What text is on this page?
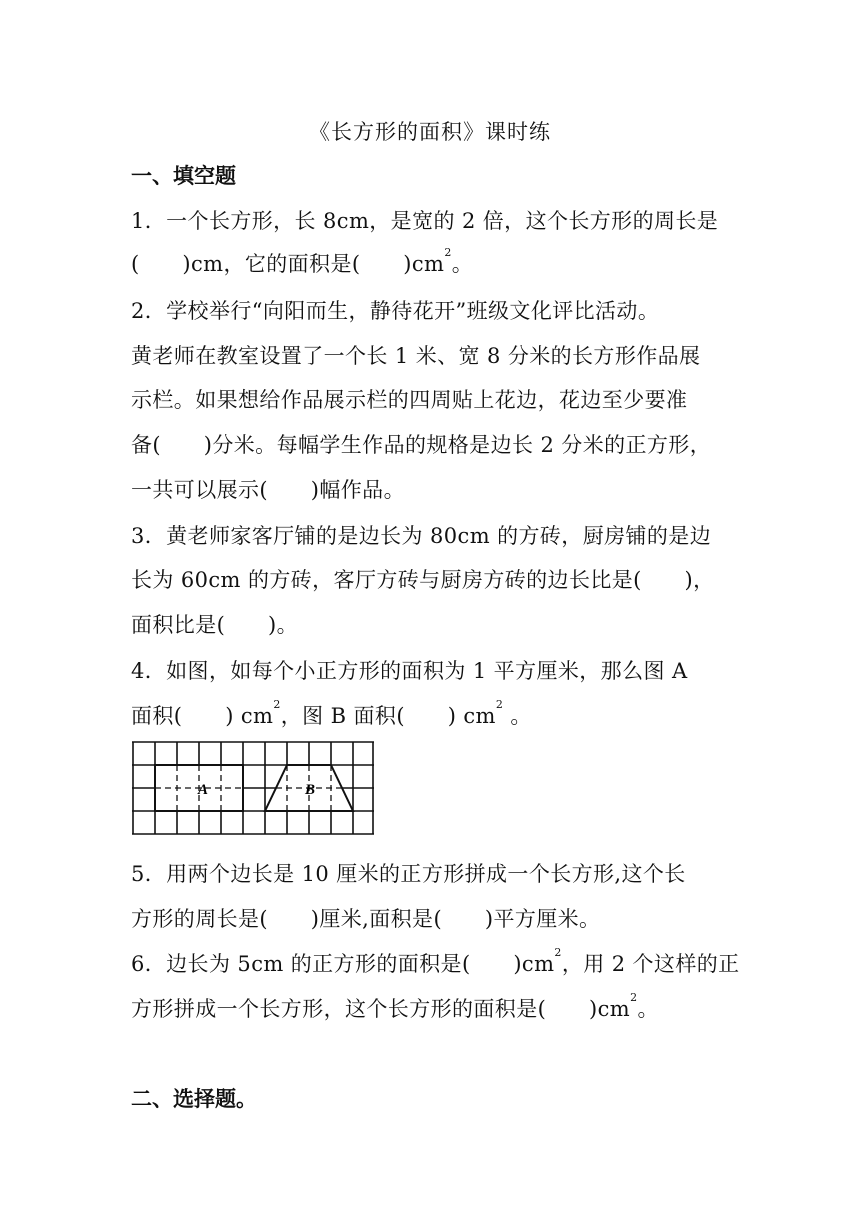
《长方形的面积》课时练
一、填空题
1．一个长方形，长 8cm，是宽的 2 倍，这个长方形的周长是
(　　)cm，它的面积是(　　)$cm^2$。
2．学校举行“向阳而生，静待花开”班级文化评比活动。
黄老师在教室设置了一个长 1 米、宽 8 分米的长方形作品展
示栏。如果想给作品展示栏的四周贴上花边，花边至少要准
备(　　)分米。每幅学生作品的规格是边长 2 分米的正方形，
一共可以展示(　　)幅作品。
3．黄老师家客厅铺的是边长为 80cm 的方砖，厨房铺的是边
长为 60cm 的方砖，客厅方砖与厨房方砖的边长比是(　　)，
面积比是(　　)。
4．如图，如每个小正方形的面积为 1 平方厘米，那么图 A
面积(　　) $cm^2$，图 B 面积(　　) $cm^2$ 。
A	B
5．用两个边长是 10 厘米的正方形拼成一个长方形,这个长
方形的周长是(　　)厘米,面积是(　　)平方厘米。
6．边长为 5cm 的正方形的面积是(　　)$cm^2$，用 2 个这样的正
方形拼成一个长方形，这个长方形的面积是(　　)$cm^2$。
二、选择题。
